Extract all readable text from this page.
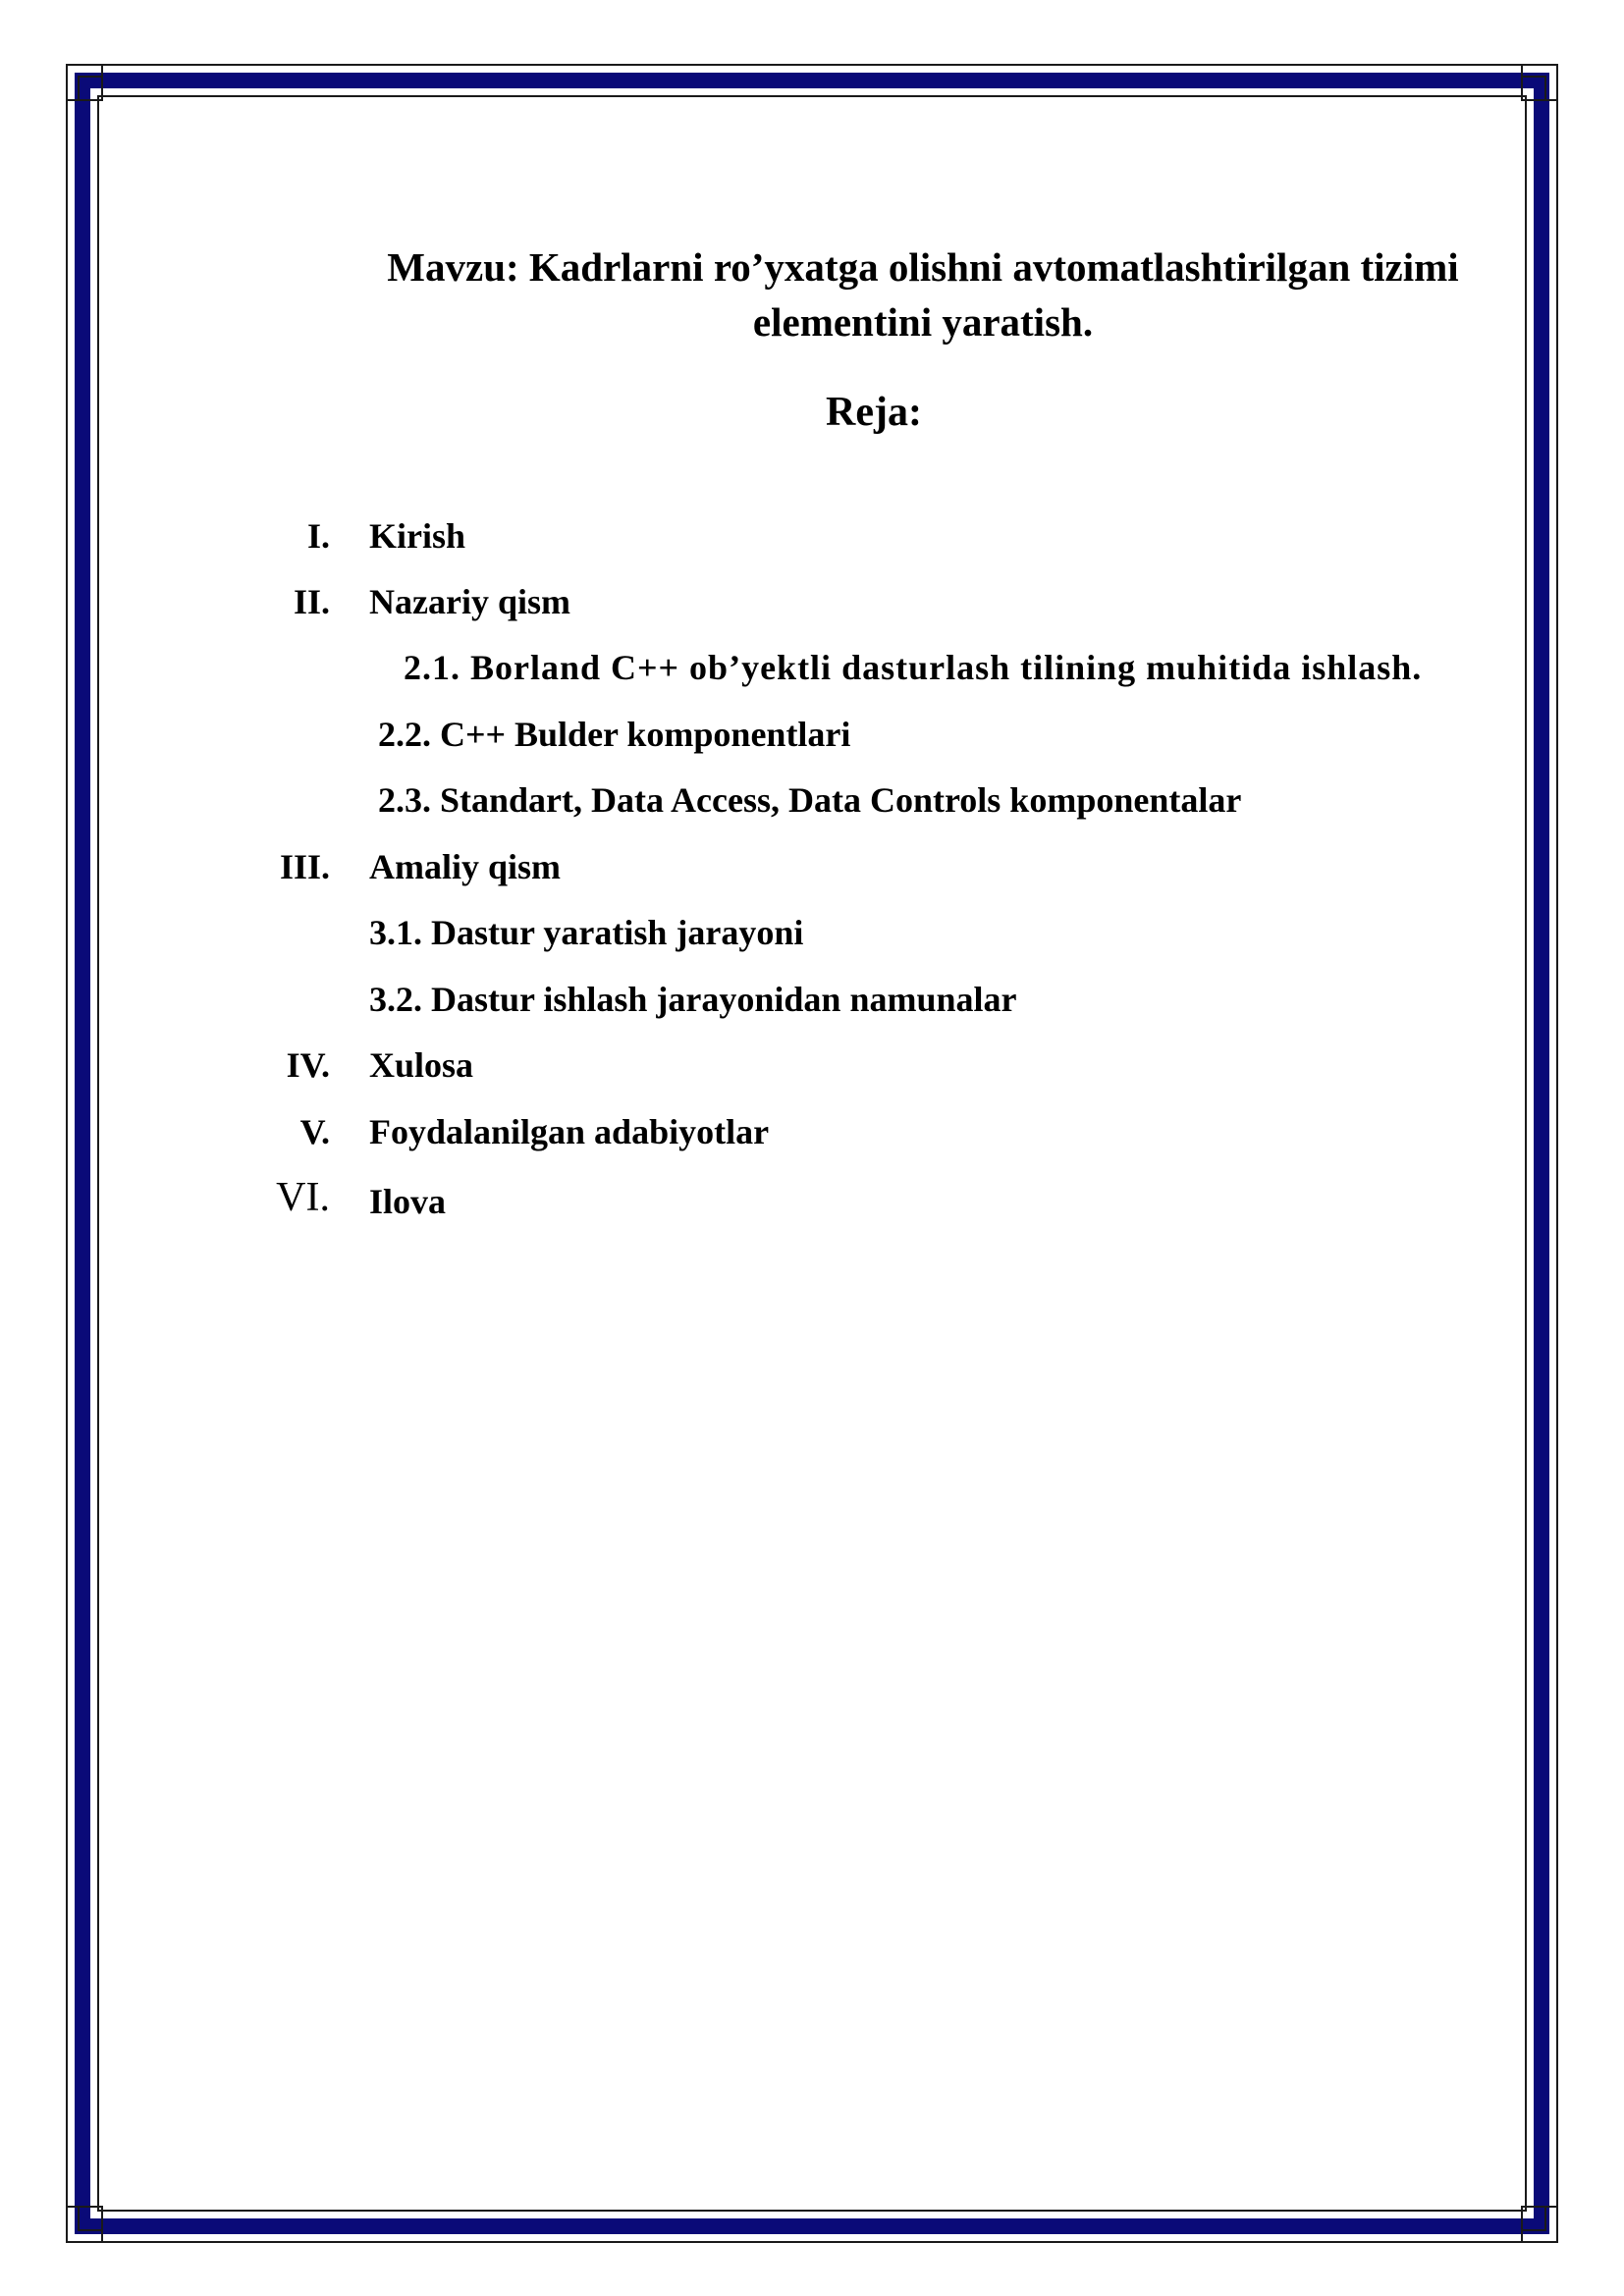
Mavzu: Kadrlarni ro’yxatga olishni avtomatlashtirilgan tizimi
elementini yaratish.
Reja:
I. Kirish
II. Nazariy qism
2.1. Borland C++ ob’yektli dasturlash tilining muhitida ishlash.
2.2. C++ Bulder komponentlari
2.3. Standart, Data Access, Data Controls komponentalar
III. Amaliy qism
3.1. Dastur yaratish jarayoni
3.2. Dastur ishlash jarayonidan namunalar
IV. Xulosa
V. Foydalanilgan adabiyotlar
VI. Ilova
